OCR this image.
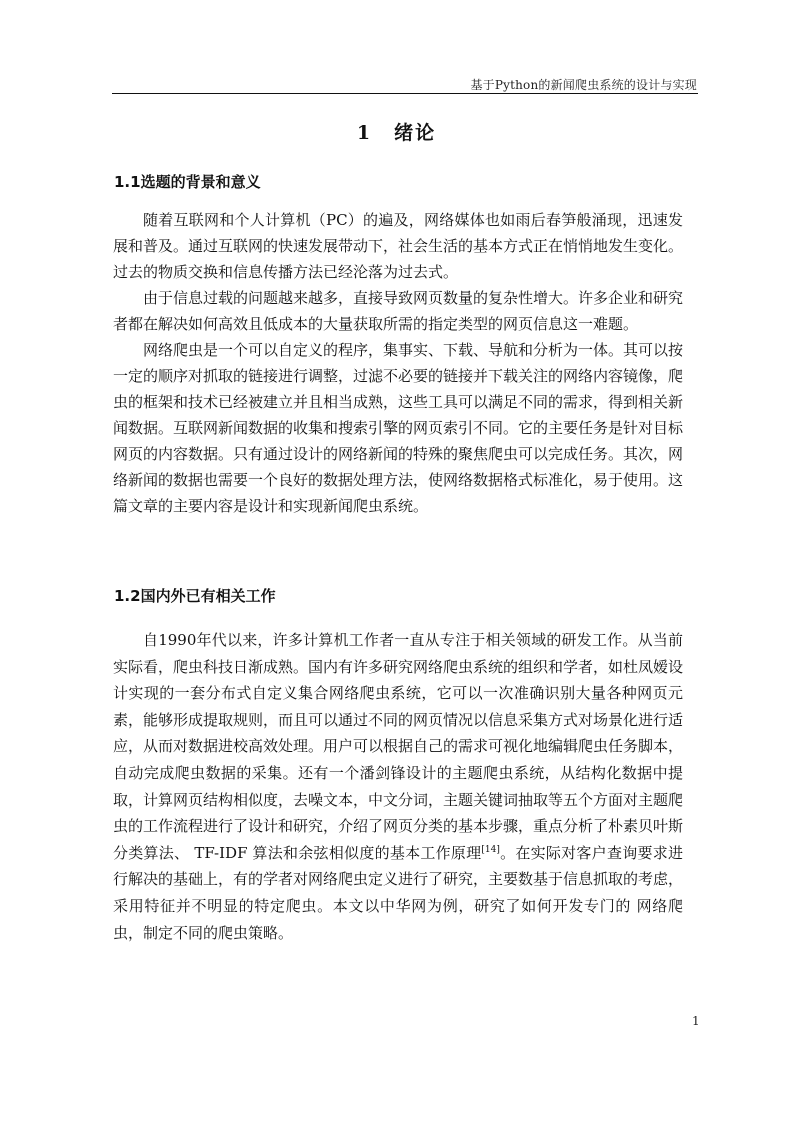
基于Python的新闻爬虫系统的设计与实现
1 绪论
1.1选题的背景和意义

随着互联网和个人计算机（PC）的遍及，网络媒体也如雨后春笋般涌现，迅速发展和普及。通过互联网的快速发展带动下，社会生活的基本方式正在悄悄地发生变化。过去的物质交换和信息传播方法已经沦落为过去式。

由于信息过载的问题越来越多，直接导致网页数量的复杂性增大。许多企业和研究者都在解决如何高效且低成本的大量获取所需的指定类型的网页信息这一难题。

网络爬虫是一个可以自定义的程序，集事实、下载、导航和分析为一体。其可以按一定的顺序对抓取的链接进行调整，过滤不必要的链接并下载关注的网络内容镜像，爬虫的框架和技术已经被建立并且相当成熟，这些工具可以满足不同的需求，得到相关新闻数据。互联网新闻数据的收集和搜索引擎的网页索引不同。它的主要任务是针对目标网页的内容数据。只有通过设计的网络新闻的特殊的聚焦爬虫可以完成任务。其次，网络新闻的数据也需要一个良好的数据处理方法，使网络数据格式标准化，易于使用。这篇文章的主要内容是设计和实现新闻爬虫系统。

1.2国内外已有相关工作

自1990年代以来，许多计算机工作者一直从专注于相关领域的研发工作。从当前实际看，爬虫科技日渐成熟。国内有许多研究网络爬虫系统的组织和学者，如杜凤嫒设计实现的一套分布式自定义集合网络爬虫系统，它可以一次准确识别大量各种网页元素，能够形成提取规则，而且可以通过不同的网页情况以信息采集方式对场景化进行适应，从而对数据进校高效处理。用户可以根据自己的需求可视化地编辑爬虫任务脚本，自动完成爬虫数据的采集。还有一个潘剑锋设计的主题爬虫系统，从结构化数据中提取，计算网页结构相似度，去噪文本，中文分词，主题关键词抽取等五个方面对主题爬虫的工作流程进行了设计和研究，介绍了网页分类的基本步骤，重点分析了朴素贝叶斯分类算法、 TF-IDF 算法和余弦相似度的基本工作原理[14]。在实际对客户查询要求进行解决的基础上，有的学者对网络爬虫定义进行了研究，主要数基于信息抓取的考虑，采用特征并不明显的特定爬虫。本文以中华网为例，研究了如何开发专门的 网络爬虫，制定不同的爬虫策略。

1
